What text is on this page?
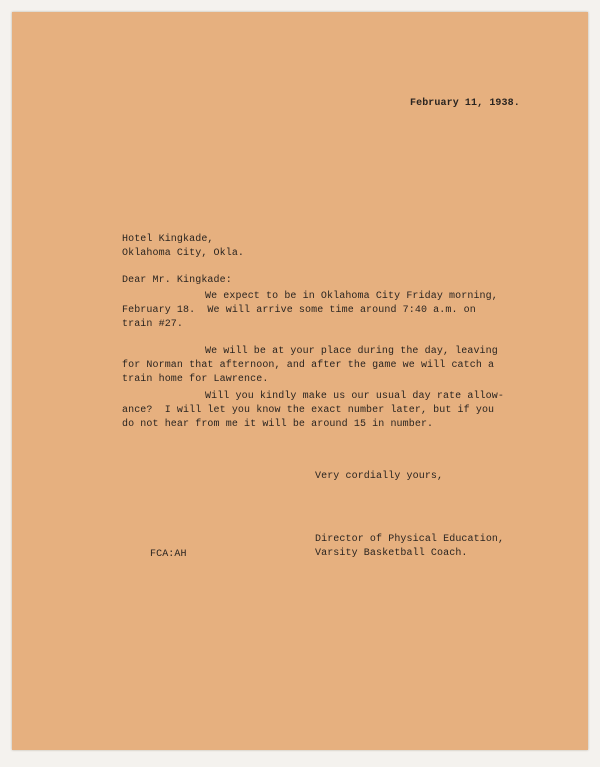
February 11, 1938.
Hotel Kingkade,
Oklahoma City, Okla.
Dear Mr. Kingkade:
We expect to be in Oklahoma City Friday morning,
February 18.  We will arrive some time around 7:40 a.m. on
train #27.
We will be at your place during the day, leaving
for Norman that afternoon, and after the game we will catch a
train home for Lawrence.
Will you kindly make us our usual day rate allow-
ance?  I will let you know the exact number later, but if you
do not hear from me it will be around 15 in number.
Very cordially yours,
Director of Physical Education,
Varsity Basketball Coach.
FCA:AH
